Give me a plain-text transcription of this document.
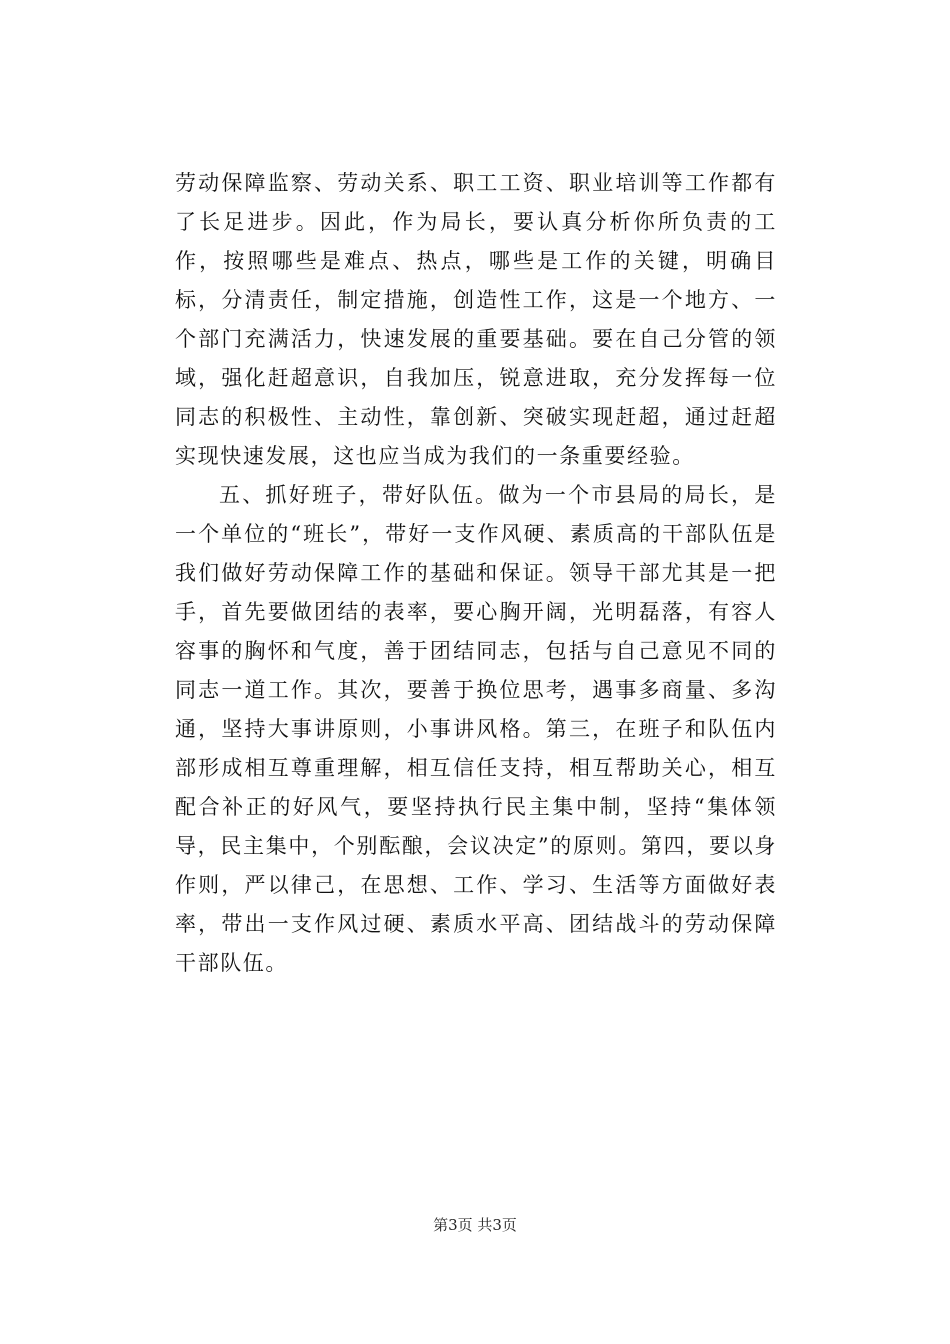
劳动保障监察、劳动关系、职工工资、职业培训等工作都有了长足进步。因此，作为局长，要认真分析你所负责的工作，按照哪些是难点、热点，哪些是工作的关键，明确目标，分清责任，制定措施，创造性工作，这是一个地方、一个部门充满活力，快速发展的重要基础。要在自己分管的领域，强化赶超意识，自我加压，锐意进取，充分发挥每一位同志的积极性、主动性，靠创新、突破实现赶超，通过赶超实现快速发展，这也应当成为我们的一条重要经验。

五、抓好班子，带好队伍。做为一个市县局的局长，是一个单位的“班长”，带好一支作风硬、素质高的干部队伍是我们做好劳动保障工作的基础和保证。领导干部尤其是一把手，首先要做团结的表率，要心胸开阔，光明磊落，有容人容事的胸怀和气度，善于团结同志，包括与自己意见不同的同志一道工作。其次，要善于换位思考，遇事多商量、多沟通，坚持大事讲原则，小事讲风格。第三，在班子和队伍内部形成相互尊重理解，相互信任支持，相互帮助关心，相互配合补正的好风气，要坚持执行民主集中制，坚持“集体领导，民主集中，个别酝酿，会议决定”的原则。第四，要以身作则，严以律己，在思想、工作、学习、生活等方面做好表率，带出一支作风过硬、素质水平高、团结战斗的劳动保障干部队伍。

第3页 共3页
